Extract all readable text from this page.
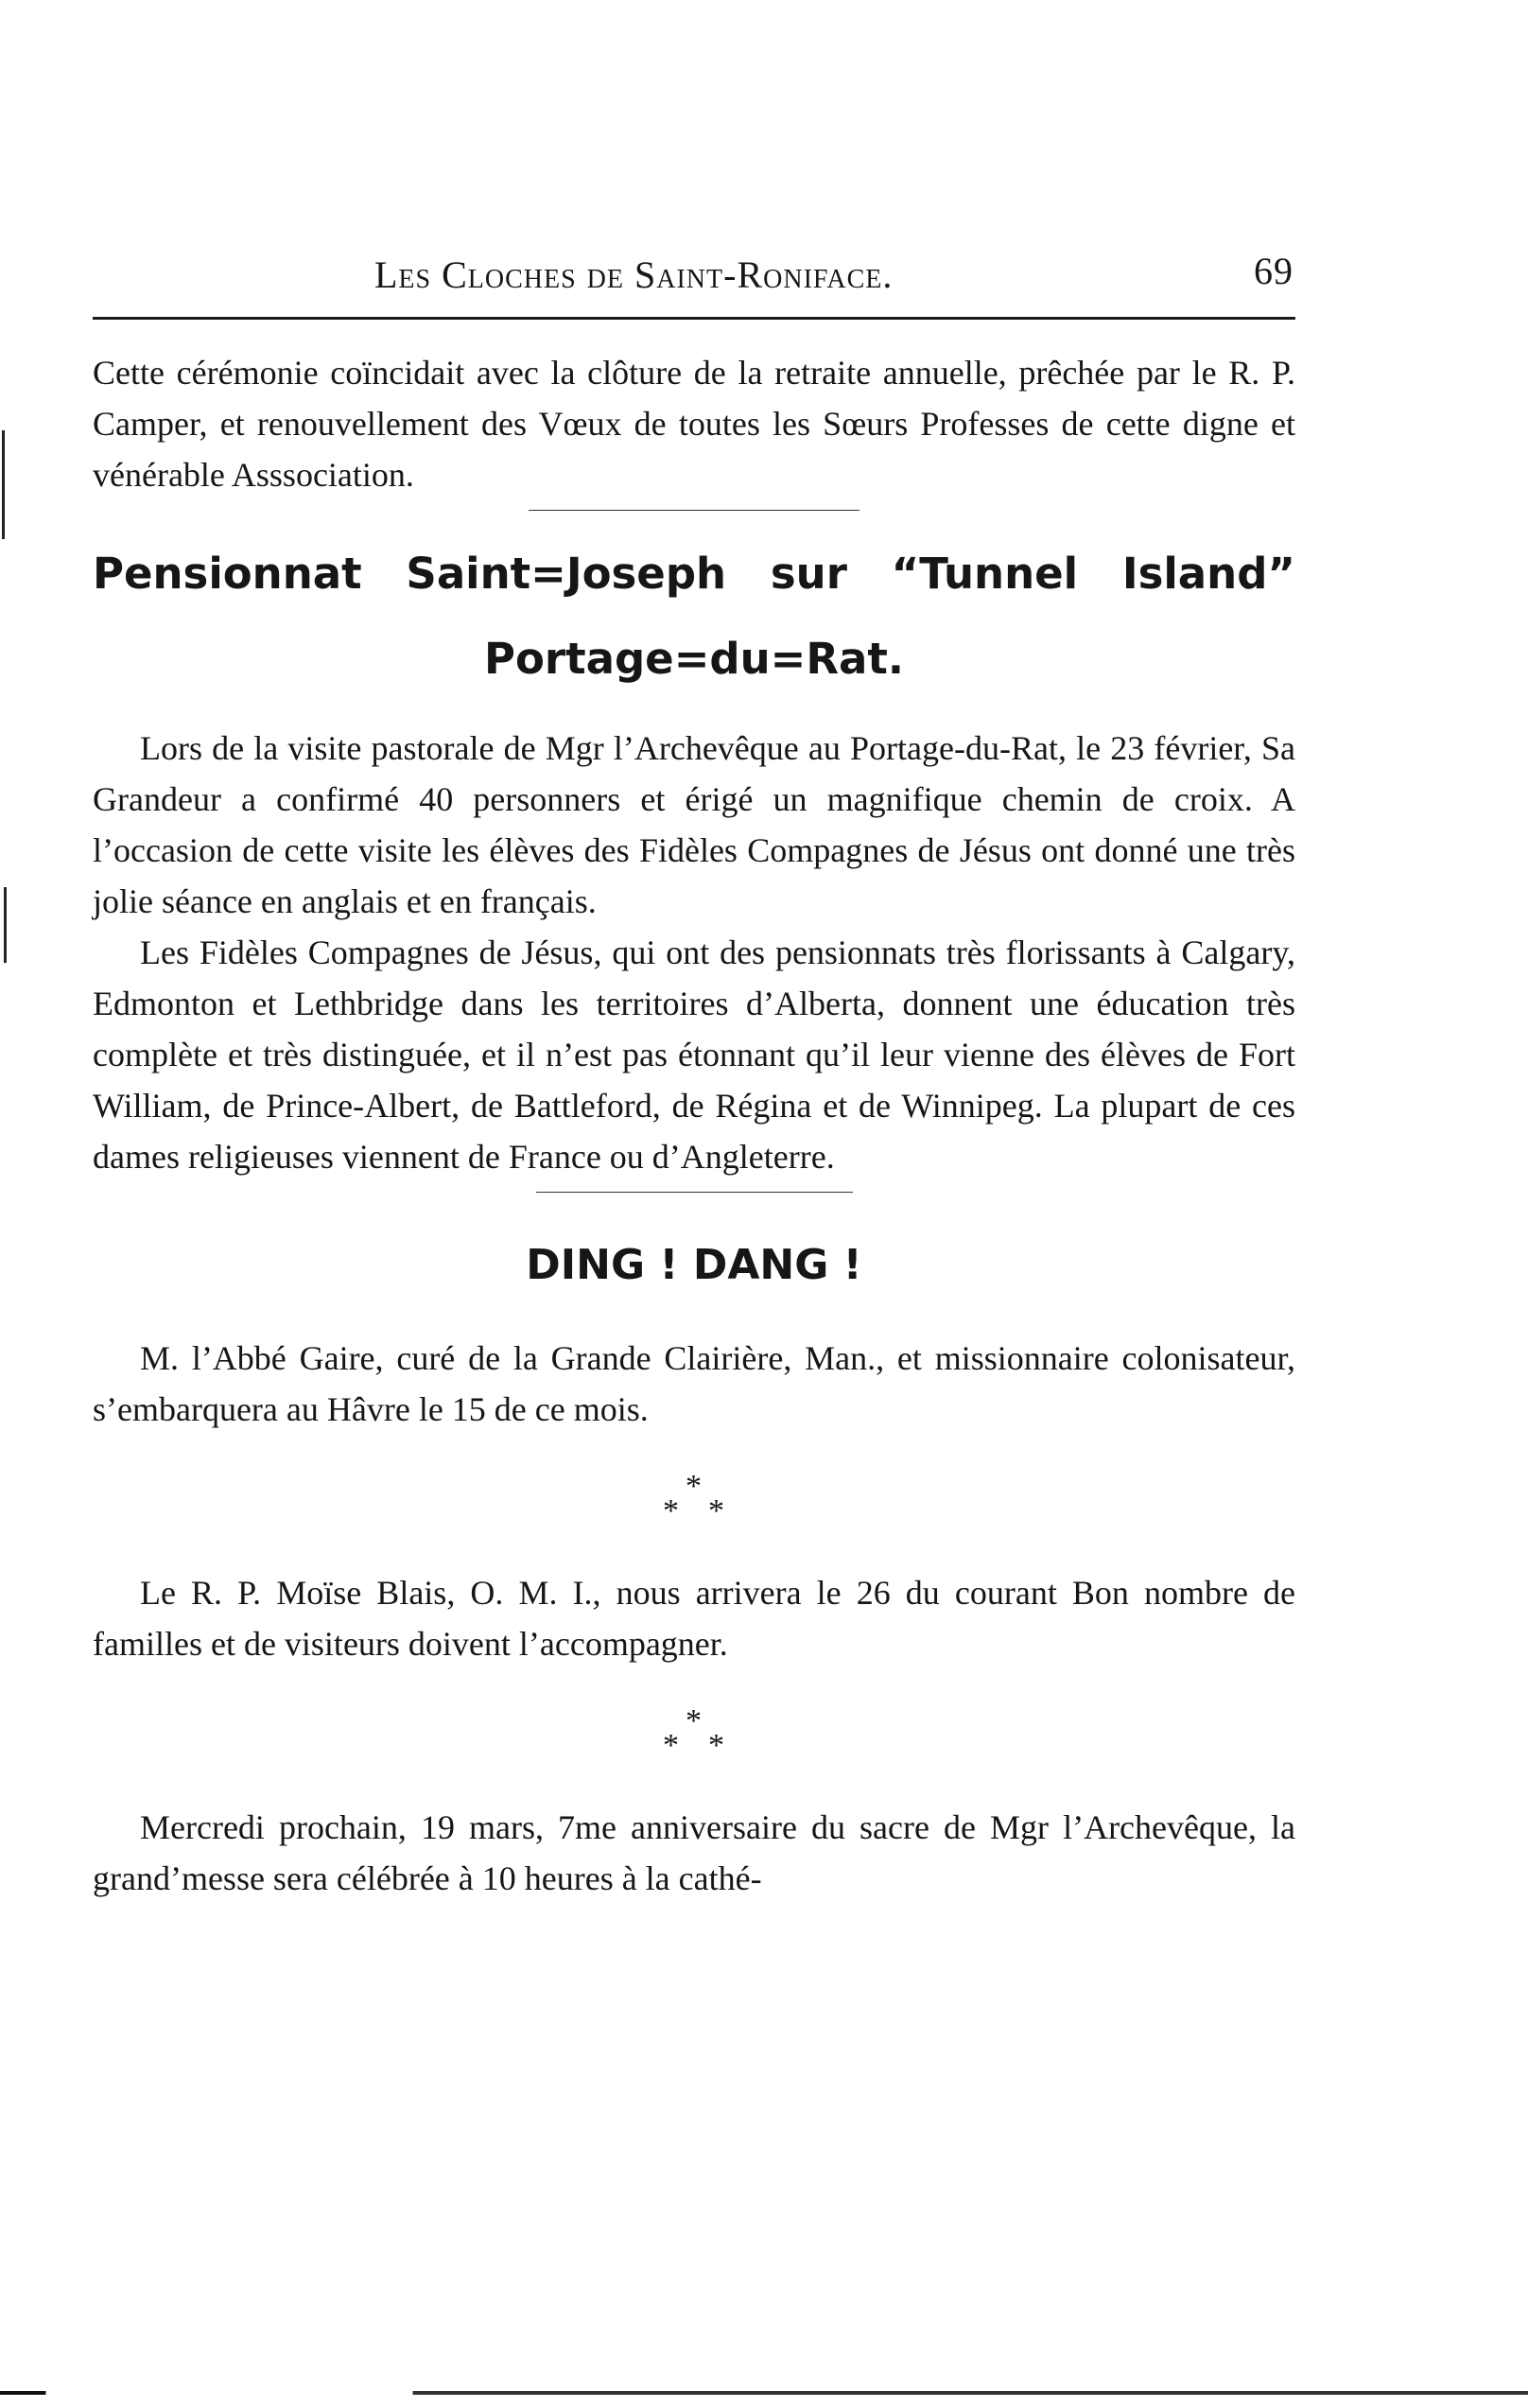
Les Cloches de Saint-Roniface.	69

Cette cérémonie coïncidait avec la clôture de la retraite annuelle, prêchée par le R. P. Camper, et renouvellement des Vœux de toutes les Sœurs Professes de cette digne et vénérable Asssociation.

Pensionnat Saint=Joseph sur “Tunnel Island”
Portage=du=Rat.

Lors de la visite pastorale de Mgr l’Archevêque au Portage-du-Rat, le 23 février, Sa Grandeur a confirmé 40 personners et érigé un magnifique chemin de croix. A l’occasion de cette visite les élèves des Fidèles Compagnes de Jésus ont donné une très jolie séance en anglais et en français.

Les Fidèles Compagnes de Jésus, qui ont des pensionnats très florissants à Calgary, Edmonton et Lethbridge dans les territoires d’Alberta, donnent une éducation très complète et très distinguée, et il n’est pas étonnant qu’il leur vienne des élèves de Fort William, de Prince-Albert, de Battleford, de Régina et de Winnipeg. La plupart de ces dames religieuses viennent de France ou d’Angleterre.

DING ! DANG !

M. l’Abbé Gaire, curé de la Grande Clairière, Man., et missionnaire colonisateur, s’embarquera au Hâvre le 15 de ce mois.

*
* *

Le R. P. Moïse Blais, O. M. I., nous arrivera le 26 du courant Bon nombre de familles et de visiteurs doivent l’accompagner.

*
* *

Mercredi prochain, 19 mars, 7me anniversaire du sacre de Mgr l’Archevêque, la grand’messe sera célébrée à 10 heures à la cathé-
